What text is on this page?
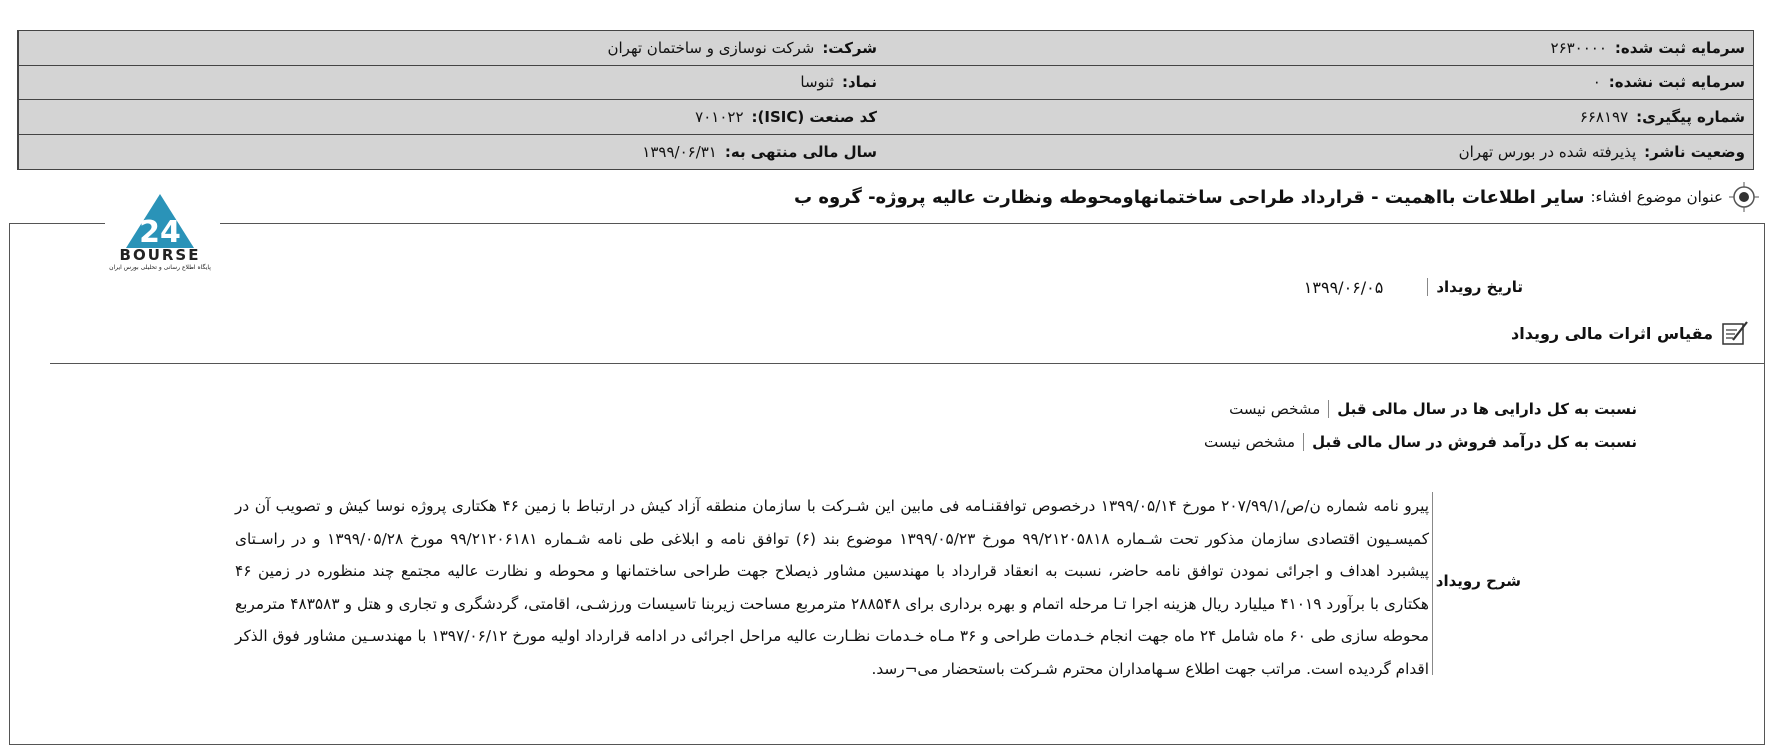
شرکت:
شرکت نوسازی و ساختمان تهران	سرمایه ثبت شده:
۲۶۳۰۰۰۰
نماد:
ثنوسا	سرمایه ثبت نشده:
۰
کد صنعت (ISIC):
۷۰۱۰۲۲	شماره پیگیری:
۶۶۸۱۹۷
سال مالی منتهی به:
۱۳۹۹/۰۶/۳۱	وضعیت ناشر:
پذیرفته شده در بورس تهران
عنوان موضوع افشاء:
سایر اطلاعات بااهمیت - قرارداد طراحی ساختمانهاومحوطه ونظارت عالیه پروژه- گروه ب
24
BOURSE
پایگاه اطلاع رسانی و تحلیلی بورس ایران
تاریخ رویداد
۱۳۹۹/۰۶/۰۵
مقیاس اثرات مالی رویداد
نسبت به کل دارایی ها در سال مالی قبل
مشخص نیست
نسبت به کل درآمد فروش در سال مالی قبل
مشخص نیست
شرح رویداد
پیرو نامه شماره ن/ص/۲۰۷/۹۹/۱ مورخ ۱۳۹۹/۰۵/۱۴ درخصوص توافقنـامه فی مابین این شـرکت با سازمان منطقه آزاد کیش در ارتباط با زمین ۴۶ هکتاری پروژه نوسا کیش و تصویب آن در کمیسـیون اقتصادی سازمان مذکور تحت شـماره ۹۹/۲۱۲۰۵۸۱۸ مورخ ۱۳۹۹/۰۵/۲۳ موضوع بند (۶) توافق نامه و ابلاغی طی نامه شـماره ۹۹/۲۱۲۰۶۱۸۱ مورخ ۱۳۹۹/۰۵/۲۸ و در راسـتای پیشبرد اهداف و اجرائی نمودن توافق نامه حاضر، نسبت به انعقاد قرارداد با مهندسین مشاور ذیصلاح جهت طراحی ساختمانها و محوطه و نظارت عالیه مجتمع چند منظوره در زمین ۴۶ هکتاری با برآورد ۴۱۰۱۹ میلیارد ریال هزینه اجرا تـا مرحله اتمام و بهره برداری برای ۲۸۸۵۴۸ مترمربع مساحت زیربنا تاسیسات ورزشـی، اقامتی، گردشگری و تجاری و هتل و ۴۸۳۵۸۳ مترمربع محوطه سازی طی ۶۰ ماه شامل ۲۴ ماه جهت انجام خـدمات طراحی و ۳۶ مـاه خـدمات نظـارت عالیه مراحل اجرائی در ادامه قرارداد اولیه مورخ ۱۳۹۷/۰۶/۱۲ با مهندسـین مشاور فوق الذکر اقدام گردیده است. مراتب جهت اطلاع سـهامداران محترم شـرکت باستحضار می¬رسد.
